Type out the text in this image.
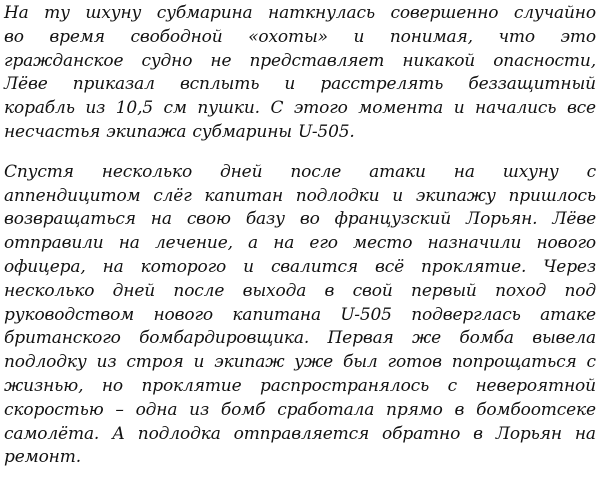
На ту шхуну субмарина наткнулась совершенно случайно
во время свободной «охоты» и понимая, что это
гражданское судно не представляет никакой опасности,
Лёве приказал всплыть и расстрелять беззащитный
корабль из 10,5 см пушки. С этого момента и начались все
несчастья экипажа субмарины U-505.
Спустя несколько дней после атаки на шхуну с
аппендицитом слёг капитан подлодки и экипажу пришлось
возвращаться на свою базу во французский Лорьян. Лёве
отправили на лечение, а на его место назначили нового
офицера, на которого и свалится всё проклятие. Через
несколько дней после выхода в свой первый поход под
руководством нового капитана U-505 подверглась атаке
британского бомбардировщика. Первая же бомба вывела
подлодку из строя и экипаж уже был готов попрощаться с
жизнью, но проклятие распространялось с невероятной
скоростью – одна из бомб сработала прямо в бомбоотсеке
самолёта. А подлодка отправляется обратно в Лорьян на
ремонт.
